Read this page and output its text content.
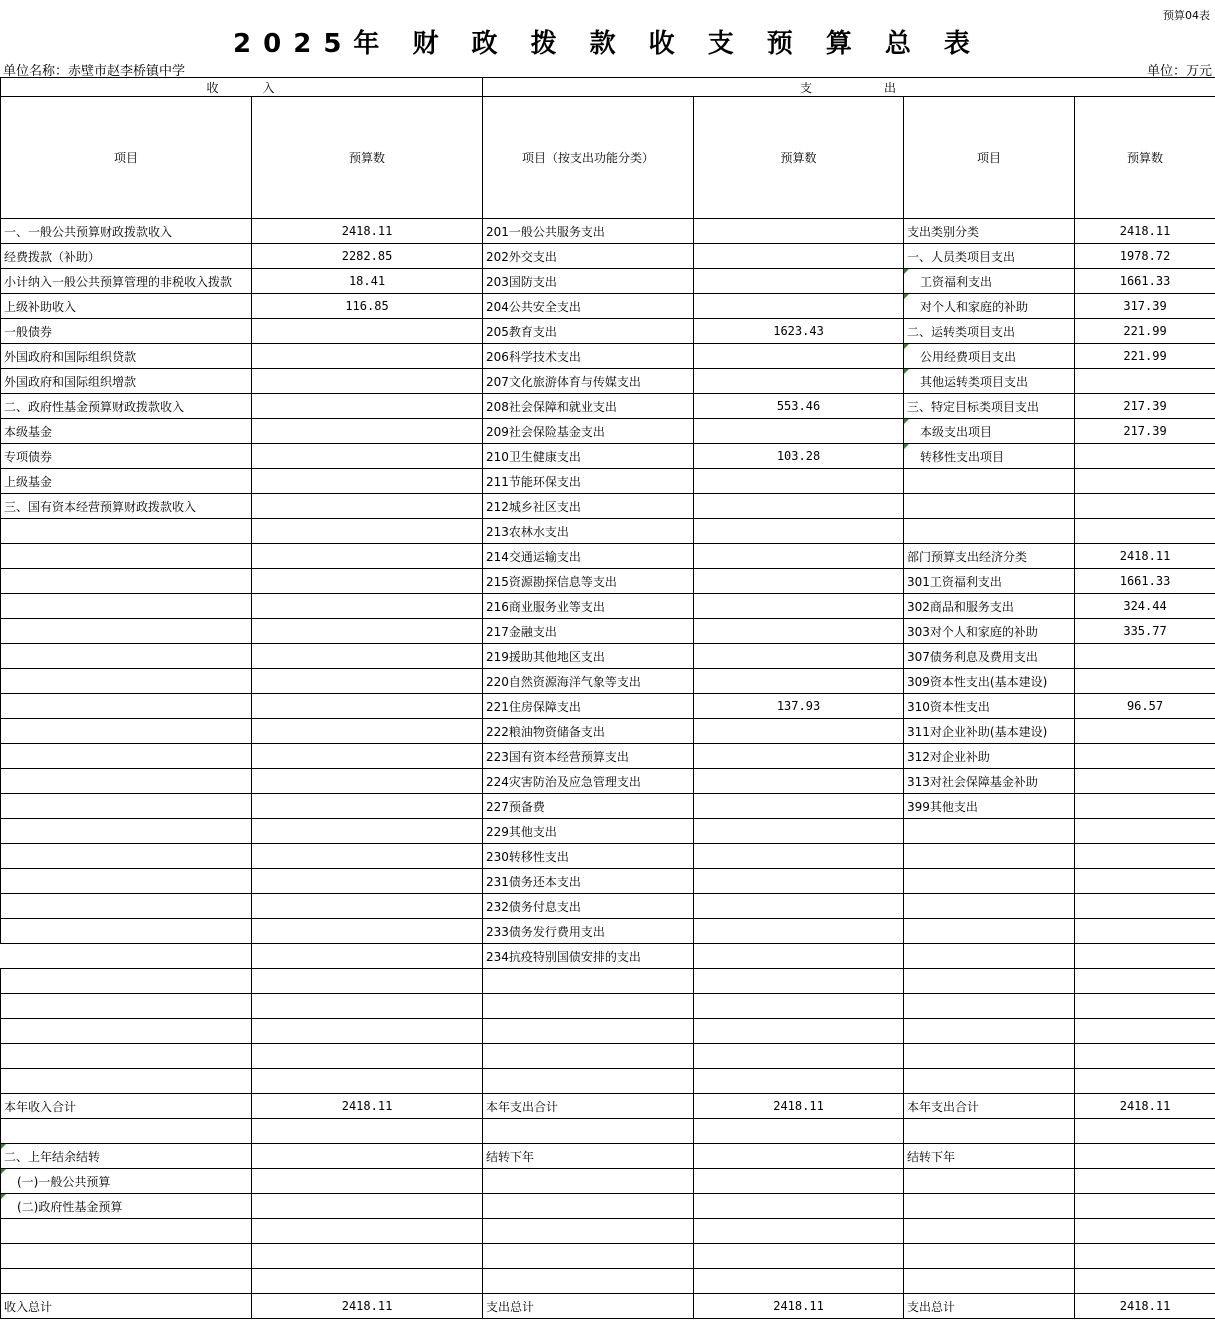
预算04表
2025年 财 政 拨 款 收 支 预 算 总 表
单位名称：赤壁市赵李桥镇中学	单位：万元
收　　　入		支　　　　　出			
项目	预算数	项目（按支出功能分类）	预算数	项目	预算数
一、一般公共预算财政拨款收入	2418.11	201一般公共服务支出		支出类别分类	2418.11
经费拨款（补助）	2282.85	202外交支出		一、人员类项目支出	1978.72
小计纳入一般公共预算管理的非税收入拨款	18.41	203国防支出		工资福利支出	1661.33
上级补助收入	116.85	204公共安全支出		对个人和家庭的补助	317.39
一般债券		205教育支出	1623.43	二、运转类项目支出	221.99
外国政府和国际组织贷款		206科学技术支出		公用经费项目支出	221.99
外国政府和国际组织增款		207文化旅游体育与传媒支出		其他运转类项目支出	
二、政府性基金预算财政拨款收入		208社会保障和就业支出	553.46	三、特定目标类项目支出	217.39
本级基金		209社会保险基金支出		本级支出项目	217.39
专项债券		210卫生健康支出	103.28	转移性支出项目	
上级基金		211节能环保支出			
三、国有资本经营预算财政拨款收入		212城乡社区支出			
		213农林水支出			
		214交通运输支出		部门预算支出经济分类	2418.11
		215资源勘探信息等支出		301工资福利支出	1661.33
		216商业服务业等支出		302商品和服务支出	324.44
		217金融支出		303对个人和家庭的补助	335.77
		219援助其他地区支出		307债务利息及费用支出	
		220自然资源海洋气象等支出		309资本性支出(基本建设)	
		221住房保障支出	137.93	310资本性支出	96.57
		222粮油物资储备支出		311对企业补助(基本建设)	
		223国有资本经营预算支出		312对企业补助	
		224灾害防治及应急管理支出		313对社会保障基金补助	
		227预备费		399其他支出	
		229其他支出			
		230转移性支出			
		231债务还本支出			
		232债务付息支出			
		233债务发行费用支出			
		234抗疫特别国债安排的支出			

本年收入合计	2418.11	本年支出合计	2418.11	本年支出合计	2418.11

二、上年结余结转		结转下年		结转下年	
(一)一般公共预算					
(二)政府性基金预算					

收入总计	2418.11	支出总计	2418.11	支出总计	2418.11
